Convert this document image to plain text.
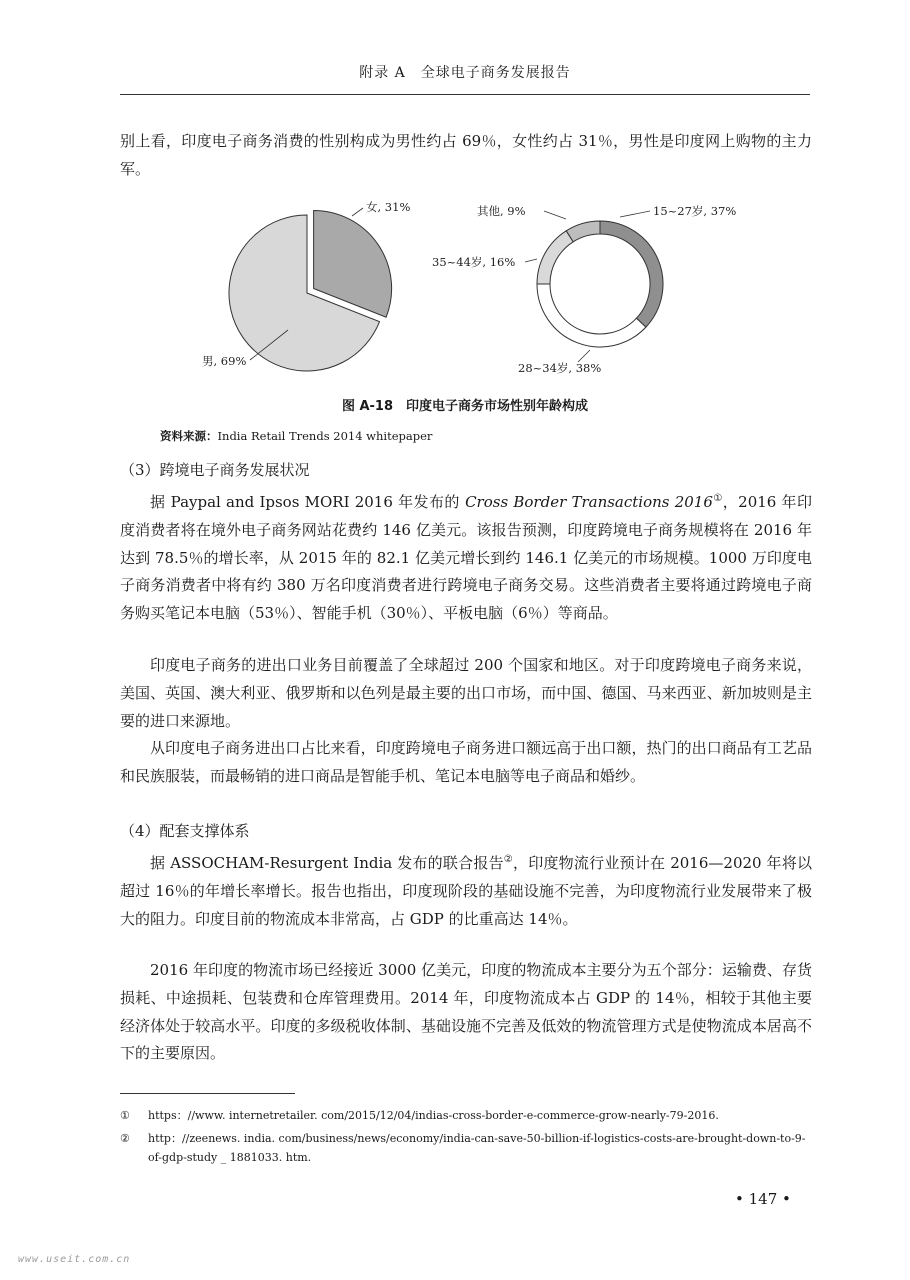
附录 A　全球电子商务发展报告
别上看，印度电子商务消费的性别构成为男性约占 69％，女性约占 31％，男性是印度网上购物的主力军。
女, 31%
男, 69%
15~27岁, 37%
28~34岁, 38%
35~44岁, 16%
其他, 9%
图 A-18　印度电子商务市场性别年龄构成
资料来源：India Retail Trends 2014 whitepaper
（3）跨境电子商务发展状况
据 Paypal and Ipsos MORI 2016 年发布的 Cross Border Transactions 2016①，2016 年印度消费者将在境外电子商务网站花费约 146 亿美元。该报告预测，印度跨境电子商务规模将在 2016 年达到 78.5％的增长率，从 2015 年的 82.1 亿美元增长到约 146.1 亿美元的市场规模。1000 万印度电子商务消费者中将有约 380 万名印度消费者进行跨境电子商务交易。这些消费者主要将通过跨境电子商务购买笔记本电脑（53％）、智能手机（30％）、平板电脑（6％）等商品。
印度电子商务的进出口业务目前覆盖了全球超过 200 个国家和地区。对于印度跨境电子商务来说，美国、英国、澳大利亚、俄罗斯和以色列是最主要的出口市场，而中国、德国、马来西亚、新加坡则是主要的进口来源地。
从印度电子商务进出口占比来看，印度跨境电子商务进口额远高于出口额，热门的出口商品有工艺品和民族服装，而最畅销的进口商品是智能手机、笔记本电脑等电子商品和婚纱。
（4）配套支撑体系
据 ASSOCHAM-Resurgent India 发布的联合报告②，印度物流行业预计在 2016—2020 年将以超过 16％的年增长率增长。报告也指出，印度现阶段的基础设施不完善，为印度物流行业发展带来了极大的阻力。印度目前的物流成本非常高，占 GDP 的比重高达 14％。
2016 年印度的物流市场已经接近 3000 亿美元，印度的物流成本主要分为五个部分：运输费、存货损耗、中途损耗、包装费和仓库管理费用。2014 年，印度物流成本占 GDP 的 14％，相较于其他主要经济体处于较高水平。印度的多级税收体制、基础设施不完善及低效的物流管理方式是使物流成本居高不下的主要原因。
① https：//www. internetretailer. com/2015/12/04/indias-cross-border-e-commerce-grow-nearly-79-2016.
② http：//zeenews. india. com/business/news/economy/india-can-save-50-billion-if-logistics-costs-are-brought-down-to-9-of-gdp-study _ 1881033. htm.
• 147 •
www.useit.com.cn
